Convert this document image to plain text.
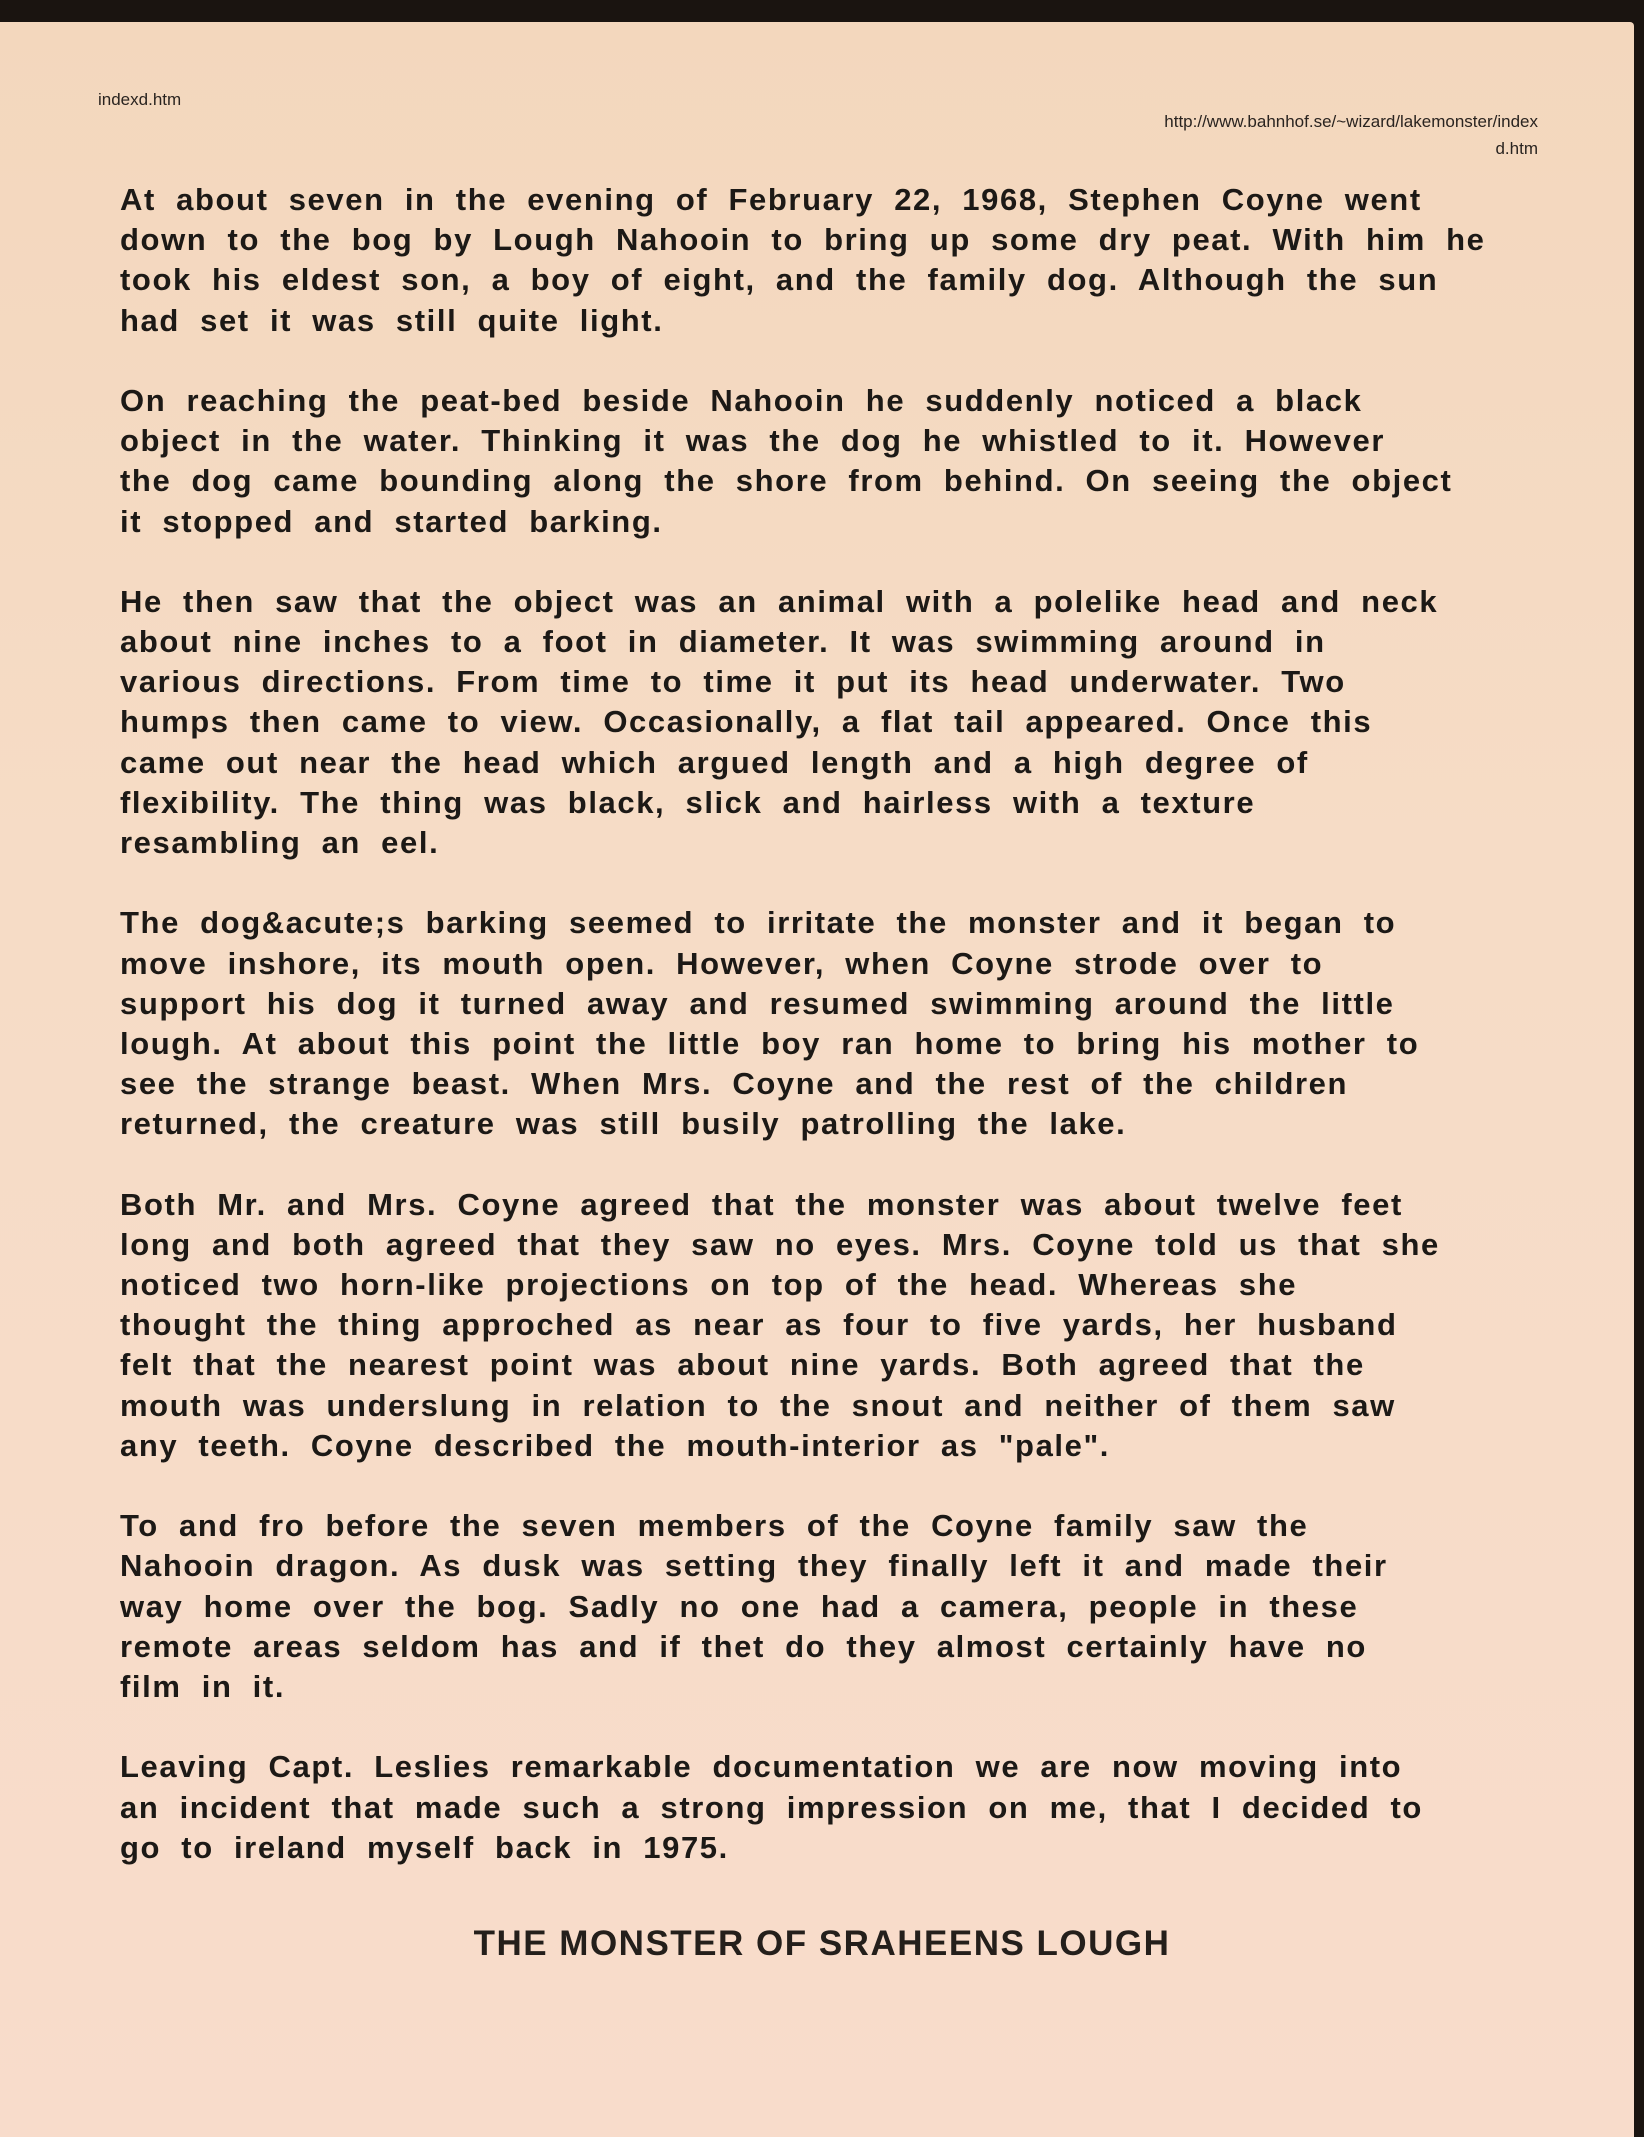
indexd.htm
http://www.bahnhof.se/~wizard/lakemonster/index
d.htm
At about seven in the evening of February 22, 1968, Stephen Coyne went
down to the bog by Lough Nahooin to bring up some dry peat. With him he
took his eldest son, a boy of eight, and the family dog. Although the sun
had set it was still quite light.
On reaching the peat-bed beside Nahooin he suddenly noticed a black
object in the water. Thinking it was the dog he whistled to it. However
the dog came bounding along the shore from behind. On seeing the object
it stopped and started barking.
He then saw that the object was an animal with a polelike head and neck
about nine inches to a foot in diameter. It was swimming around in
various directions. From time to time it put its head underwater. Two
humps then came to view. Occasionally, a flat tail appeared. Once this
came out near the head which argued length and a high degree of
flexibility. The thing was black, slick and hairless with a texture
resambling an eel.
The dog&acute;s barking seemed to irritate the monster and it began to
move inshore, its mouth open. However, when Coyne strode over to
support his dog it turned away and resumed swimming around the little
lough. At about this point the little boy ran home to bring his mother to
see the strange beast. When Mrs. Coyne and the rest of the children
returned, the creature was still busily patrolling the lake.
Both Mr. and Mrs. Coyne agreed that the monster was about twelve feet
long and both agreed that they saw no eyes. Mrs. Coyne told us that she
noticed two horn-like projections on top of the head. Whereas she
thought the thing approched as near as four to five yards, her husband
felt that the nearest point was about nine yards. Both agreed that the
mouth was underslung in relation to the snout and neither of them saw
any teeth. Coyne described the mouth-interior as "pale".
To and fro before the seven members of the Coyne family saw the
Nahooin dragon. As dusk was setting they finally left it and made their
way home over the bog. Sadly no one had a camera, people in these
remote areas seldom has and if thet do they almost certainly have no
film in it.
Leaving Capt. Leslies remarkable documentation we are now moving into
an incident that made such a strong impression on me, that I decided to
go to ireland myself back in 1975.
THE MONSTER OF SRAHEENS LOUGH
